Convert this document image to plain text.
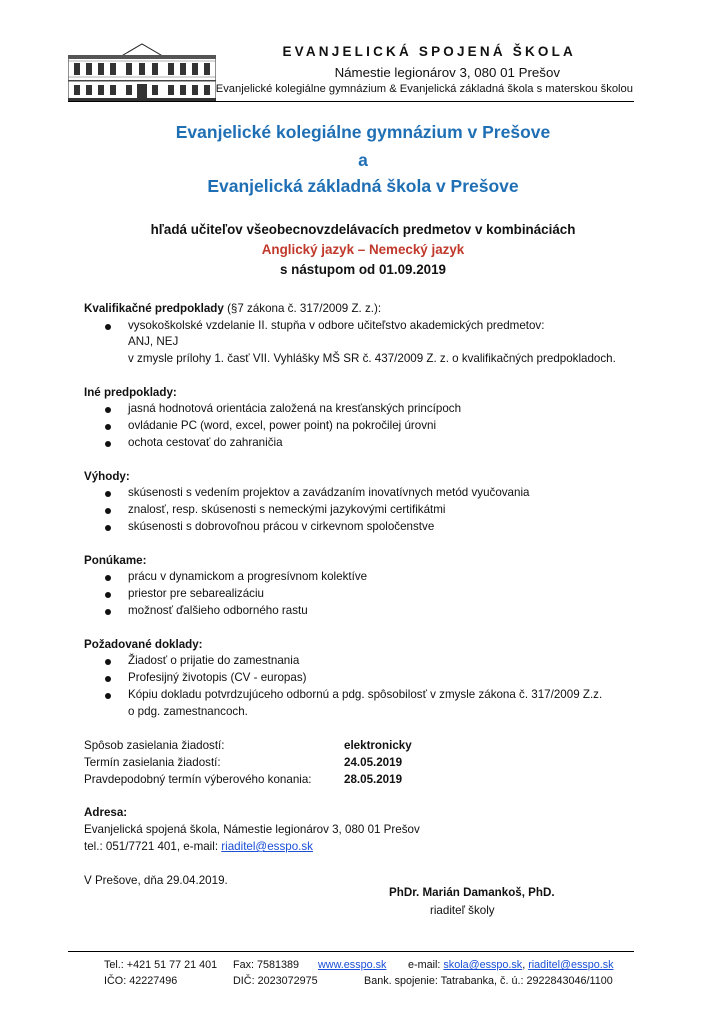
EVANJELICKÁ SPOJENÁ ŠKOLA
Námestie legionárov 3, 080 01 Prešov
Evanjelické kolegiálne gymnázium & Evanjelická základná škola s materskou školou
Evanjelické kolegiálne gymnázium v Prešove
a
Evanjelická základná škola v Prešove
hľadá učiteľov všeobecnovzdelávacích predmetov v kombináciách
Anglický jazyk – Nemecký jazyk
s nástupom od 01.09.2019
Kvalifikačné predpoklady (§7 zákona č. 317/2009 Z. z.):
vysokoškolské vzdelanie II. stupňa v odbore učiteľstvo akademických predmetov:
ANJ, NEJ
v zmysle prílohy 1. časť VII. Vyhlášky MŠ SR č. 437/2009 Z. z. o kvalifikačných predpokladoch.
Iné predpoklady:
jasná hodnotová orientácia založená na kresťanských princípoch
ovládanie PC (word, excel, power point) na pokročilej úrovni
ochota cestovať do zahraničia
Výhody:
skúsenosti s vedením projektov a zavádzaním inovatívnych metód vyučovania
znalosť, resp. skúsenosti s nemeckými jazykovými certifikátmi
skúsenosti s dobrovoľnou prácou v cirkevnom spoločenstve
Ponúkame:
prácu v dynamickom a progresívnom kolektíve
priestor pre sebarealizáciu
možnosť ďalšieho odborného rastu
Požadované doklady:
Žiadosť o prijatie do zamestnania
Profesijný životopis (CV - europas)
Kópiu dokladu potvrdzujúceho odbornú a pdg. spôsobilosť v zmysle zákona č. 317/2009 Z.z.
o pdg. zamestnancoch.
Spôsob zasielania žiadostí:	elektronicky
Termín zasielania žiadostí:	24.05.2019
Pravdepodobný termín výberového konania:	28.05.2019
Adresa:
Evanjelická spojená škola, Námestie legionárov 3, 080 01 Prešov
tel.: 051/7721 401, e-mail: riaditel@esspo.sk
V Prešove, dňa 29.04.2019.
PhDr. Marián Damankoš, PhD.
riaditeľ školy
Tel.: +421 51 77 21 401 Fax: 7581389 www.esspo.sk e-mail: skola@esspo.sk, riaditel@esspo.sk
IČO: 42227496	DIČ: 2023072975	Bank. spojenie: Tatrabanka, č. ú.: 2922843046/1100
